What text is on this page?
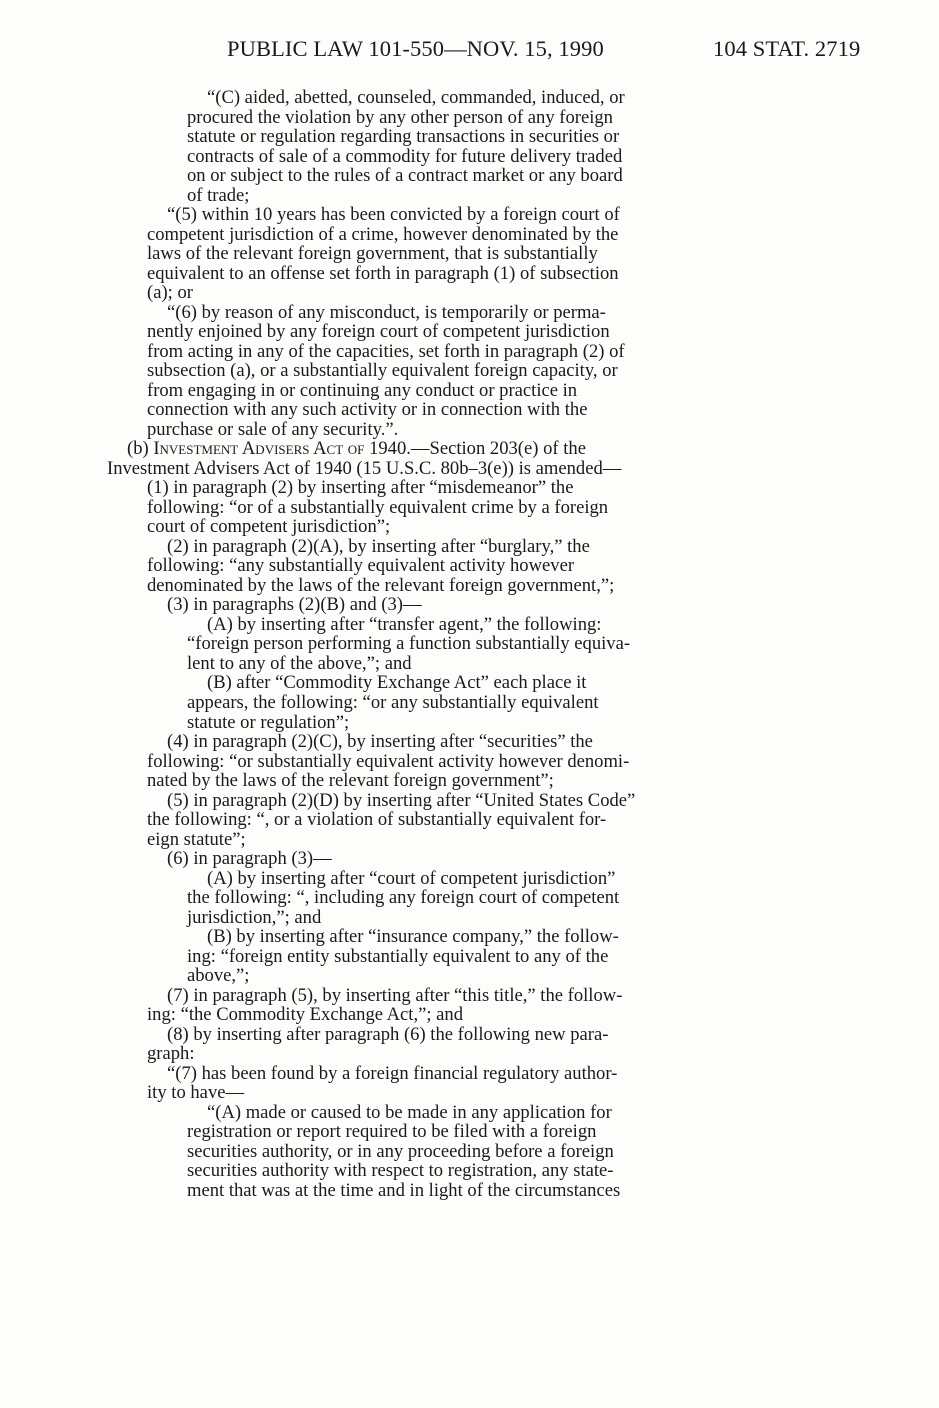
PUBLIC LAW 101-550—NOV. 15, 1990	104 STAT. 2719
“(C) aided, abetted, counseled, commanded, induced, or
procured the violation by any other person of any foreign
statute or regulation regarding transactions in securities or
contracts of sale of a commodity for future delivery traded
on or subject to the rules of a contract market or any board
of trade;
“(5) within 10 years has been convicted by a foreign court of
competent jurisdiction of a crime, however denominated by the
laws of the relevant foreign government, that is substantially
equivalent to an offense set forth in paragraph (1) of subsection
(a); or
“(6) by reason of any misconduct, is temporarily or perma-
nently enjoined by any foreign court of competent jurisdiction
from acting in any of the capacities, set forth in paragraph (2) of
subsection (a), or a substantially equivalent foreign capacity, or
from engaging in or continuing any conduct or practice in
connection with any such activity or in connection with the
purchase or sale of any security.”.
(b) Investment Advisers Act of 1940.—Section 203(e) of the
Investment Advisers Act of 1940 (15 U.S.C. 80b–3(e)) is amended—
(1) in paragraph (2) by inserting after “misdemeanor” the
following: “or of a substantially equivalent crime by a foreign
court of competent jurisdiction”;
(2) in paragraph (2)(A), by inserting after “burglary,” the
following: “any substantially equivalent activity however
denominated by the laws of the relevant foreign government,”;
(3) in paragraphs (2)(B) and (3)—
(A) by inserting after “transfer agent,” the following:
“foreign person performing a function substantially equiva-
lent to any of the above,”; and
(B) after “Commodity Exchange Act” each place it
appears, the following: “or any substantially equivalent
statute or regulation”;
(4) in paragraph (2)(C), by inserting after “securities” the
following: “or substantially equivalent activity however denomi-
nated by the laws of the relevant foreign government”;
(5) in paragraph (2)(D) by inserting after “United States Code”
the following: “, or a violation of substantially equivalent for-
eign statute”;
(6) in paragraph (3)—
(A) by inserting after “court of competent jurisdiction”
the following: “, including any foreign court of competent
jurisdiction,”; and
(B) by inserting after “insurance company,” the follow-
ing: “foreign entity substantially equivalent to any of the
above,”;
(7) in paragraph (5), by inserting after “this title,” the follow-
ing: “the Commodity Exchange Act,”; and
(8) by inserting after paragraph (6) the following new para-
graph:
“(7) has been found by a foreign financial regulatory author-
ity to have—
“(A) made or caused to be made in any application for
registration or report required to be filed with a foreign
securities authority, or in any proceeding before a foreign
securities authority with respect to registration, any state-
ment that was at the time and in light of the circumstances
